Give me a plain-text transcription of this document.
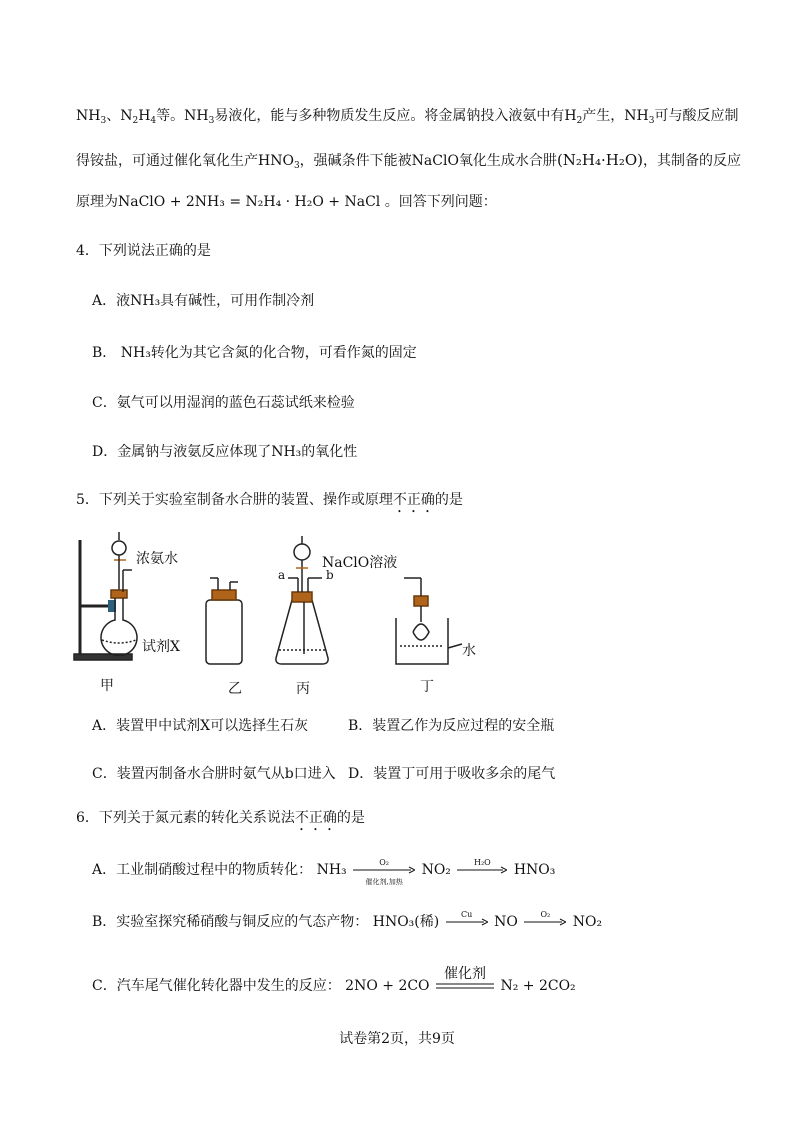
$NH_3$、$N_2H_4$等。$NH_3$易液化，能与多种物质发生反应。将金属钠投入液氨中有$H_2$产生，$NH_3$可与酸反应制
得铵盐，可通过催化氧化生产$HNO_3$，强碱条件下能被NaClO氧化生成水合肼(N₂H₄·H₂O)，其制备的反应
原理为NaClO + 2NH₃ = N₂H₄ · H₂O + NaCl 。回答下列问题：
4．下列说法正确的是
A．液NH₃具有碱性，可用作制冷剂
B． NH₃转化为其它含氮的化合物，可看作氮的固定
C．氨气可以用湿润的蓝色石蕊试纸来检验
D．金属钠与液氨反应体现了NH₃的氧化性
5．下列关于实验室制备水合肼的装置、操作或原理不正确的是
浓氨水
试剂X
NaClO溶液
a	b
水
甲	乙	丙	丁
A．装置甲中试剂X可以选择生石灰	B．装置乙作为反应过程的安全瓶
C．装置丙制备水合肼时氨气从b口进入 D．装置丁可用于吸收多余的尾气
6．下列关于氮元素的转化关系说法不正确的是
A．工业制硝酸过程中的物质转化： NH₃	O₂
催化剂,加热
NO₂	H₂O	HNO₃
B．实验室探究稀硝酸与铜反应的气态产物： HNO₃(稀)	Cu	NO	O₂	NO₂
C．汽车尾气催化转化器中发生的反应： 2NO + 2CO
催化剂
N₂ + 2CO₂
试卷第2页，共9页
